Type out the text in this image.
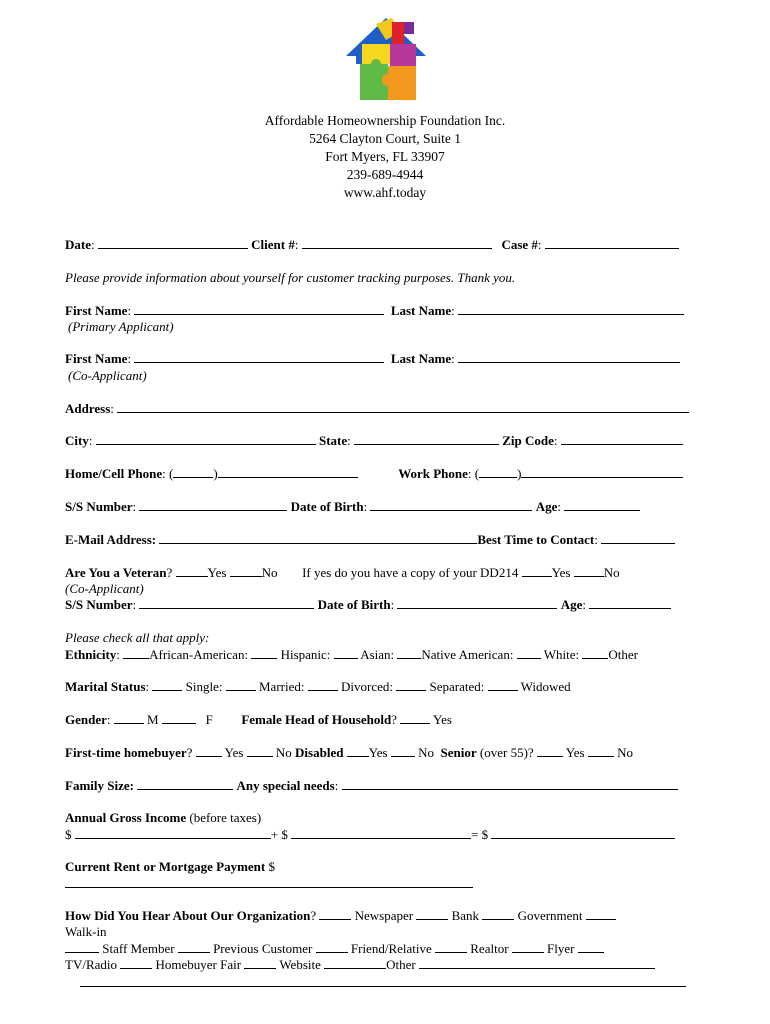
Affordable Homeownership Foundation Inc.
5264 Clayton Court, Suite 1
Fort Myers, FL 33907
239-689-4944
www.ahf.today
Date:	Client #:	Case #:
Please provide information about yourself for customer tracking purposes. Thank you.
First Name:	Last Name:
(Primary Applicant)
First Name:	Last Name:
(Co-Applicant)
Address:
City:	State:	Zip Code:
Home/Cell Phone: (	)	Work Phone: (	)
S/S Number:	Date of Birth:	Age:
E-Mail Address:	Best Time to Contact:
Are You a Veteran? Yes	No If yes do you have a copy of your DD214	Yes	No
(Co-Applicant)
S/S Number:	Date of Birth:	Age:
Please check all that apply:
Ethnicity: African-American:	Hispanic: Asian: Native American: White: Other
Marital Status:	Single:	Married:	Divorced:	Separated:	Widowed
Gender:	M	F Female Head of Household?	Yes
First-time homebuyer?  Yes	No Disabled Yes No Senior (over 55)? Yes	No
Family Size:	Any special needs:
Annual Gross Income (before taxes)
$	+ $	= $
Current Rent or Mortgage Payment $
How Did You Hear About Our Organization?	Newspaper	Bank	Government
Walk-in
Staff Member	Previous Customer	Friend/Relative	Realtor	Flyer
TV/Radio	Homebuyer Fair	Website	Other
